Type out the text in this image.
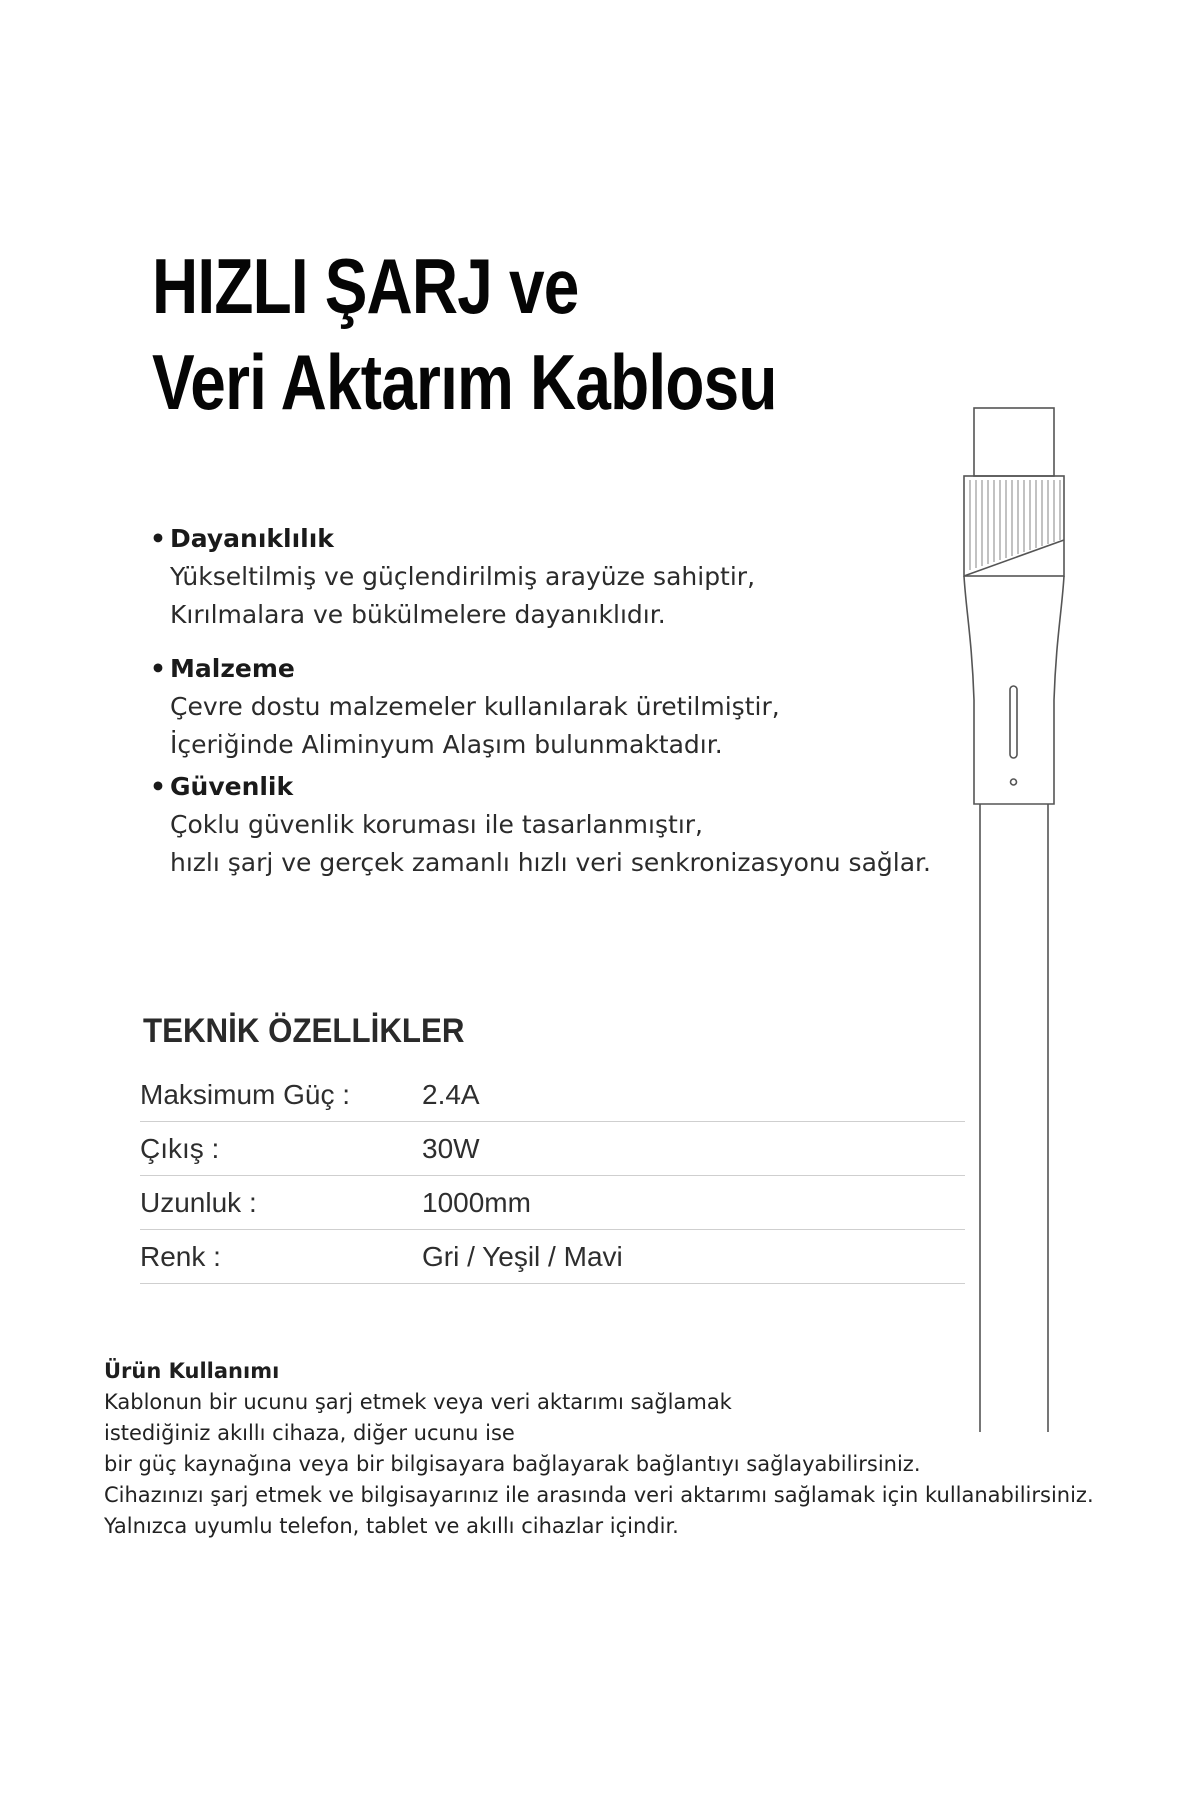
HIZLI ŞARJ ve
Veri Aktarım Kablosu
• Dayanıklılık
Yükseltilmiş ve güçlendirilmiş arayüze sahiptir,
Kırılmalara ve bükülmelere dayanıklıdır.
• Malzeme
Çevre dostu malzemeler kullanılarak üretilmiştir,
İçeriğinde Aliminyum Alaşım bulunmaktadır.
• Güvenlik
Çoklu güvenlik koruması ile tasarlanmıştır,
hızlı şarj ve gerçek zamanlı hızlı veri senkronizasyonu sağlar.
TEKNİK ÖZELLİKLER
Maksimum Güç :	2.4A
Çıkış :	30W
Uzunluk :	1000mm
Renk :	Gri / Yeşil / Mavi
Ürün Kullanımı
Kablonun bir ucunu şarj etmek veya veri aktarımı sağlamak
istediğiniz akıllı cihaza, diğer ucunu ise
bir güç kaynağına veya bir bilgisayara bağlayarak bağlantıyı sağlayabilirsiniz.
Cihazınızı şarj etmek ve bilgisayarınız ile arasında veri aktarımı sağlamak için kullanabilirsiniz.
Yalnızca uyumlu telefon, tablet ve akıllı cihazlar içindir.
